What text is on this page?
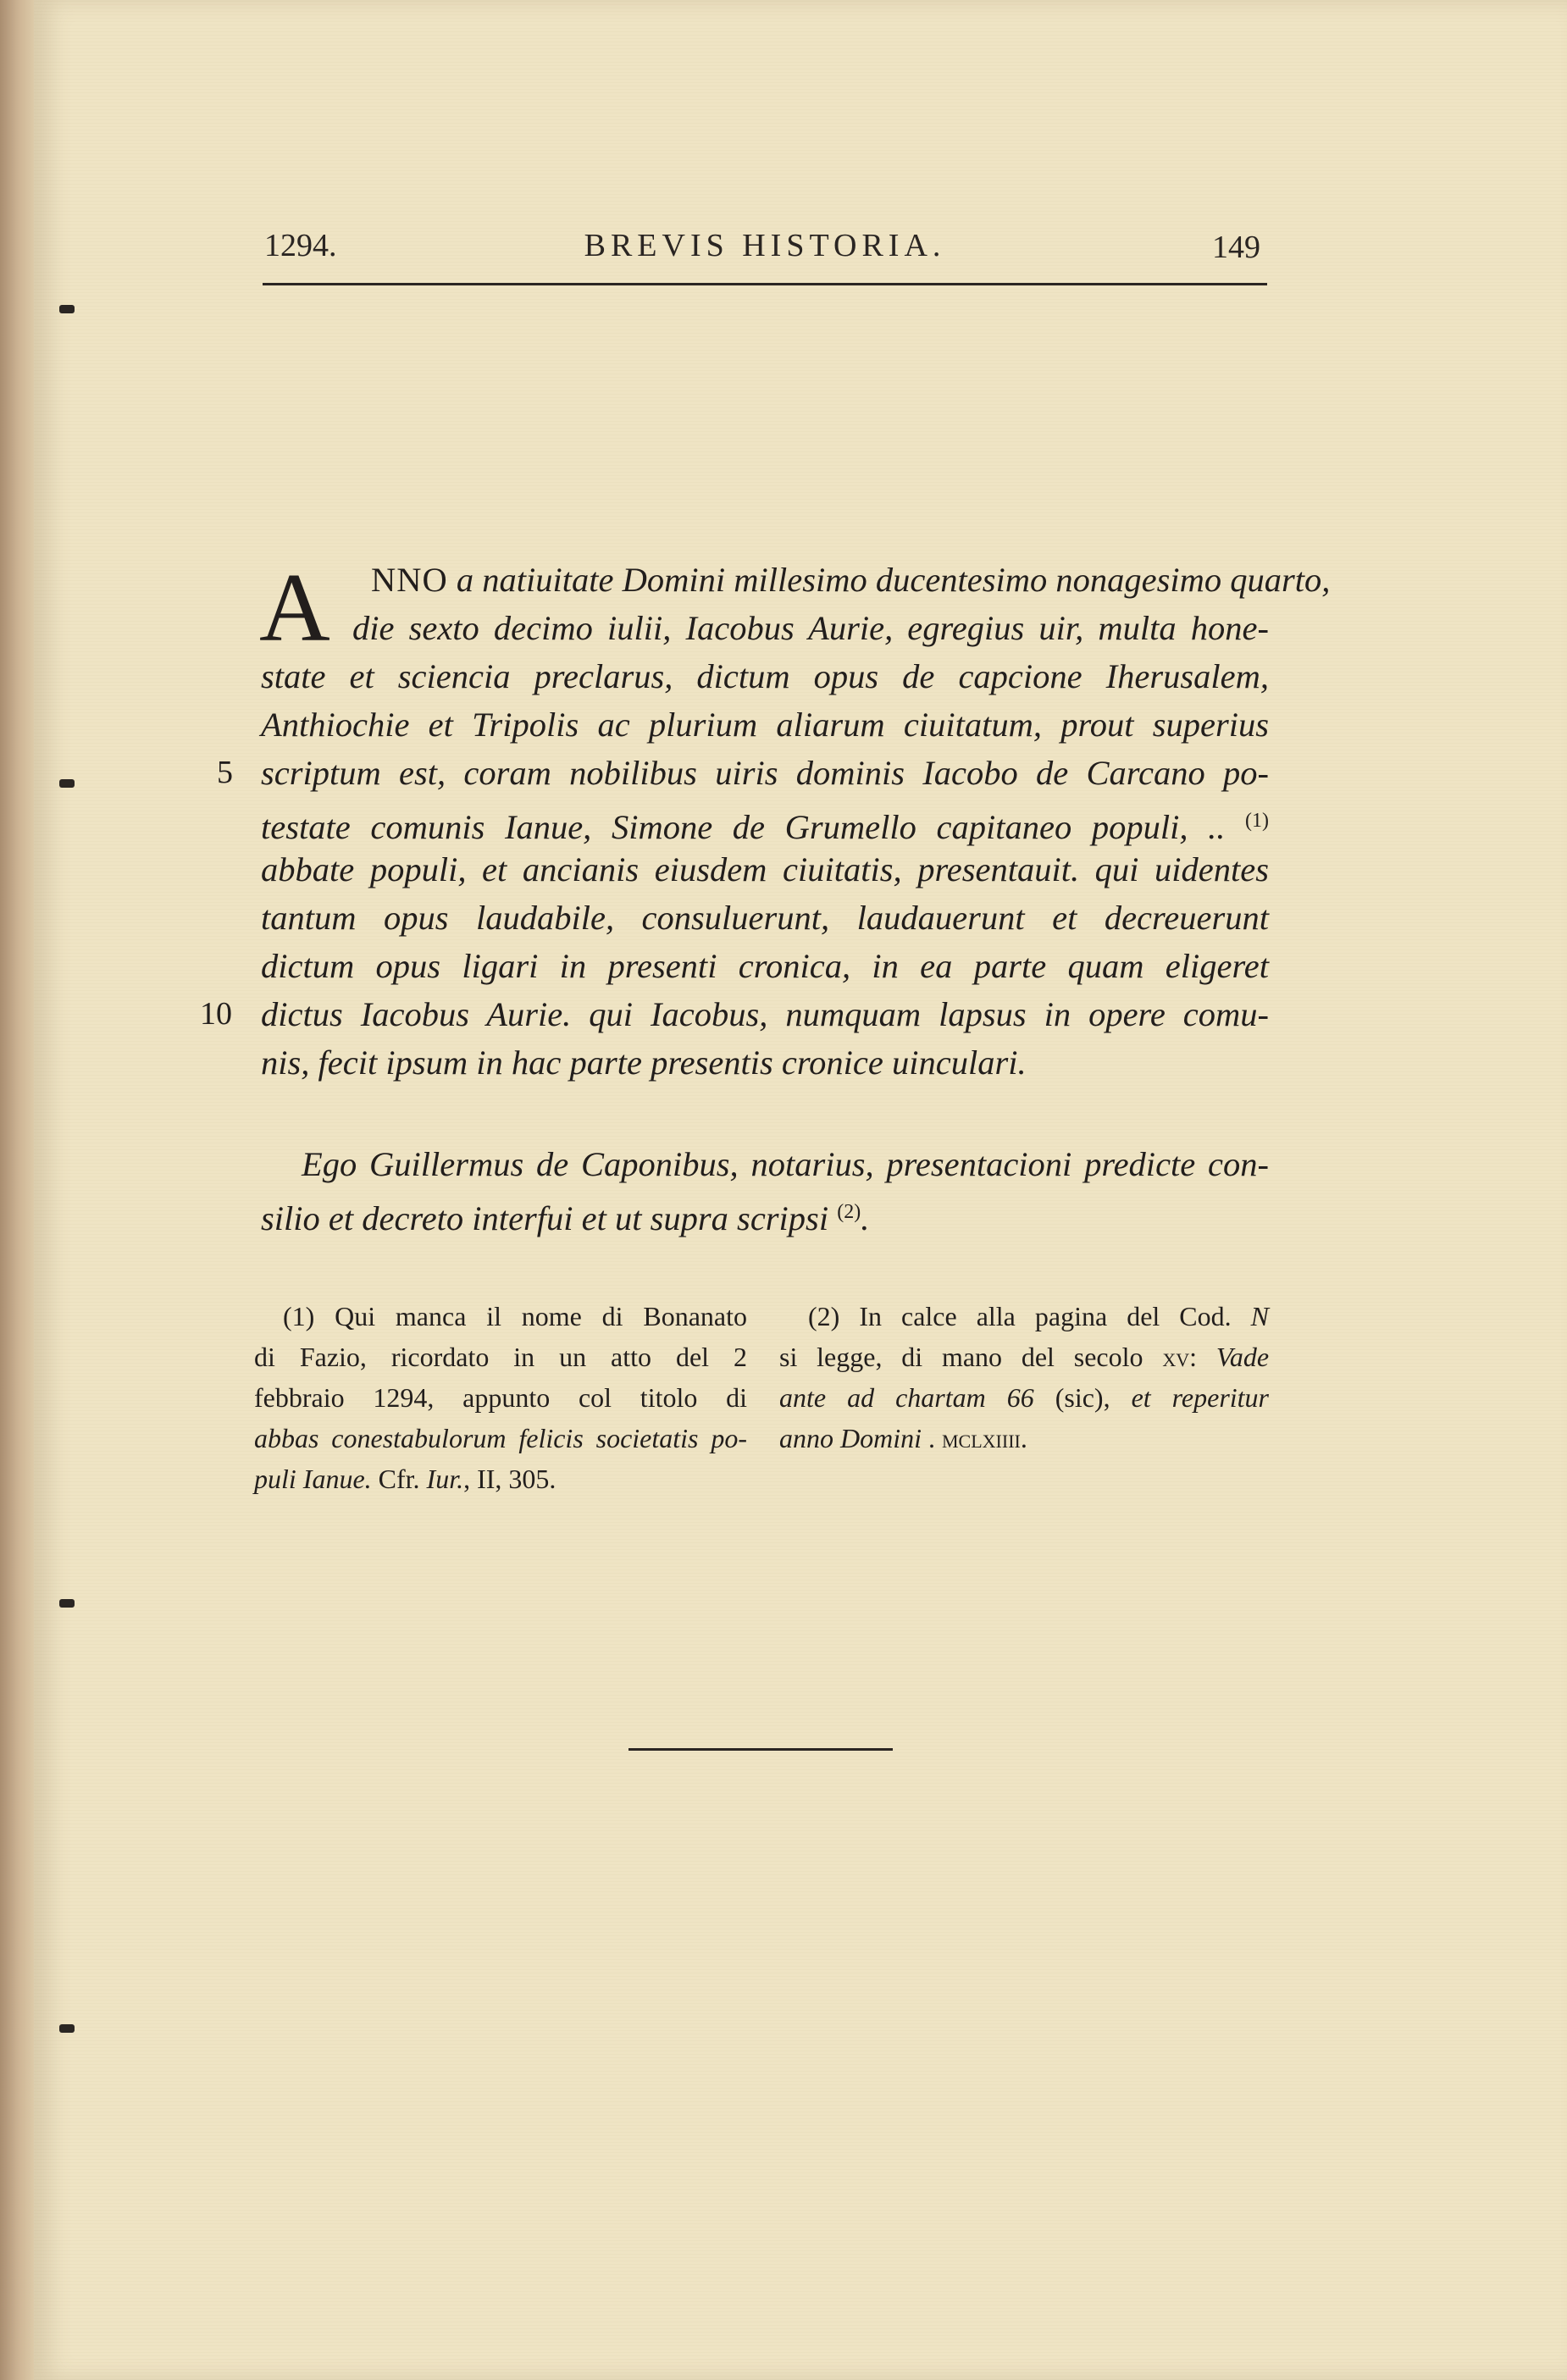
1294.	BREVIS HISTORIA.	149
A	NNO a natiuitate Domini millesimo ducentesimo nonagesimo quarto,
die sexto decimo iulii, Iacobus Aurie, egregius uir, multa hone-
state et sciencia preclarus, dictum opus de capcione Iherusalem,
Anthiochie et Tripolis ac plurium aliarum ciuitatum, prout superius
5 scriptum est, coram nobilibus uiris dominis Iacobo de Carcano po-
testate comunis Ianue, Simone de Grumello capitaneo populi, .. $^{(1)}$
abbate populi, et ancianis eiusdem ciuitatis, presentauit. qui uidentes
tantum opus laudabile, consuluerunt, laudauerunt et decreuerunt
dictum opus ligari in presenti cronica, in ea parte quam eligeret
10 dictus Iacobus Aurie. qui Iacobus, numquam lapsus in opere comu-
nis, fecit ipsum in hac parte presentis cronice uinculari.
Ego Guillermus de Caponibus, notarius, presentacioni predicte con-
silio et decreto interfui et ut supra scripsi $^{(2)}$.
(1) Qui manca il nome di Bonanato
di Fazio, ricordato in un atto del 2
febbraio 1294, appunto col titolo di
abbas conestabulorum felicis societatis po-
puli Ianue. Cfr. Iur., II, 305.
(2) In calce alla pagina del Cod. N
si legge, di mano del secolo xv: Vade
ante ad chartam 66 (sic), et reperitur
anno Domini . mclxiiii.
